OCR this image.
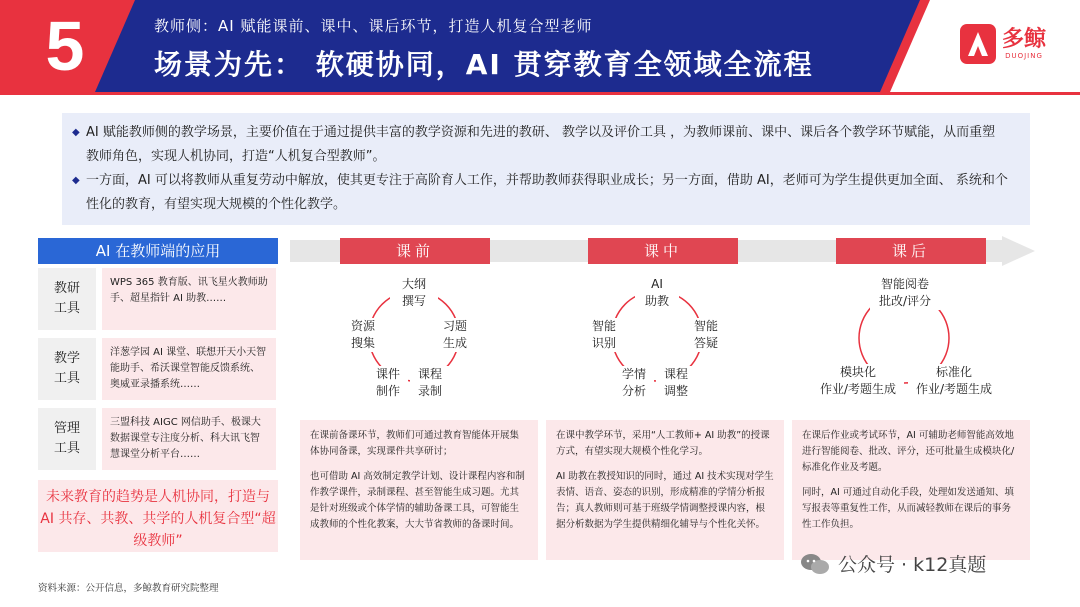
5	教师侧：AI 赋能课前、课中、课后环节，打造人机复合型老师
场景为先： 软硬协同，AI 贯穿教育全领域全流程
多鲸
DUOJING
◆ AI 赋能教师侧的教学场景，主要价值在于通过提供丰富的教学资源和先进的教研、 教学以及评价工具 ，为教师课前、课中、课后各个教学环节赋能，从而重塑教师角色，实现人机协同，打造“人机复合型教师”。
◆ 一方面，AI 可以将教师从重复劳动中解放，使其更专注于高阶育人工作，并帮助教师获得职业成长；另一方面，借助 AI，老师可为学生提供更加全面、 系统和个性化的教育，有望实现大规模的个性化教学。
AI 在教师端的应用
教研
工具
WPS 365 教育版、讯飞星火教师助手、超星指针 AI 助教……
教学
工具
洋葱学园 AI 课堂、联想开天小天智能助手、希沃课堂智能反馈系统、奥威亚录播系统……
管理
工具
三盟科技 AIGC 网信助手、极课大数据课堂专注度分析、科大讯飞智慧课堂分析平台……
未来教育的趋势是人机协同，打造与 AI 共存、共教、共学的人机复合型“超级教师”
课前	课中	课后
大纲
撰写
习题
生成
课程
录制
课件
制作
资源
搜集
AI
助教
智能
答疑
课程
调整
学情
分析
智能
识别
智能阅卷
批改/评分
标准化
作业/考题生成
模块化
作业/考题生成

在课前备课环节，教师们可通过教育智能体开展集体协同备课，实现课件共享研讨；

也可借助 AI 高效制定教学计划、设计课程内容和制作教学课件，录制课程、甚至智能生成习题。尤其是针对班级或个体学情的辅助备课工具，可智能生成教师的个性化教案，大大节省教师的备课时间。

在课中教学环节，采用“人工教师+ AI 助教”的授课方式，有望实现大规模个性化学习。

AI 助教在教授知识的同时，通过 AI 技术实现对学生表情、语音、姿态的识别，形成精准的学情分析报告；真人教师则可基于班级学情调整授课内容，根据分析数据为学生提供精细化辅导与个性化关怀。

在课后作业或考试环节，AI 可辅助老师智能高效地进行智能阅卷、批改、评分，还可批量生成模块化/标准化作业及考题。

同时，AI 可通过自动化手段，处理如发送通知、填写报表等重复性工作，从而减轻教师在课后的事务性工作负担。

资料来源：公开信息，多鲸教育研究院整理
公众号 · k12真题
